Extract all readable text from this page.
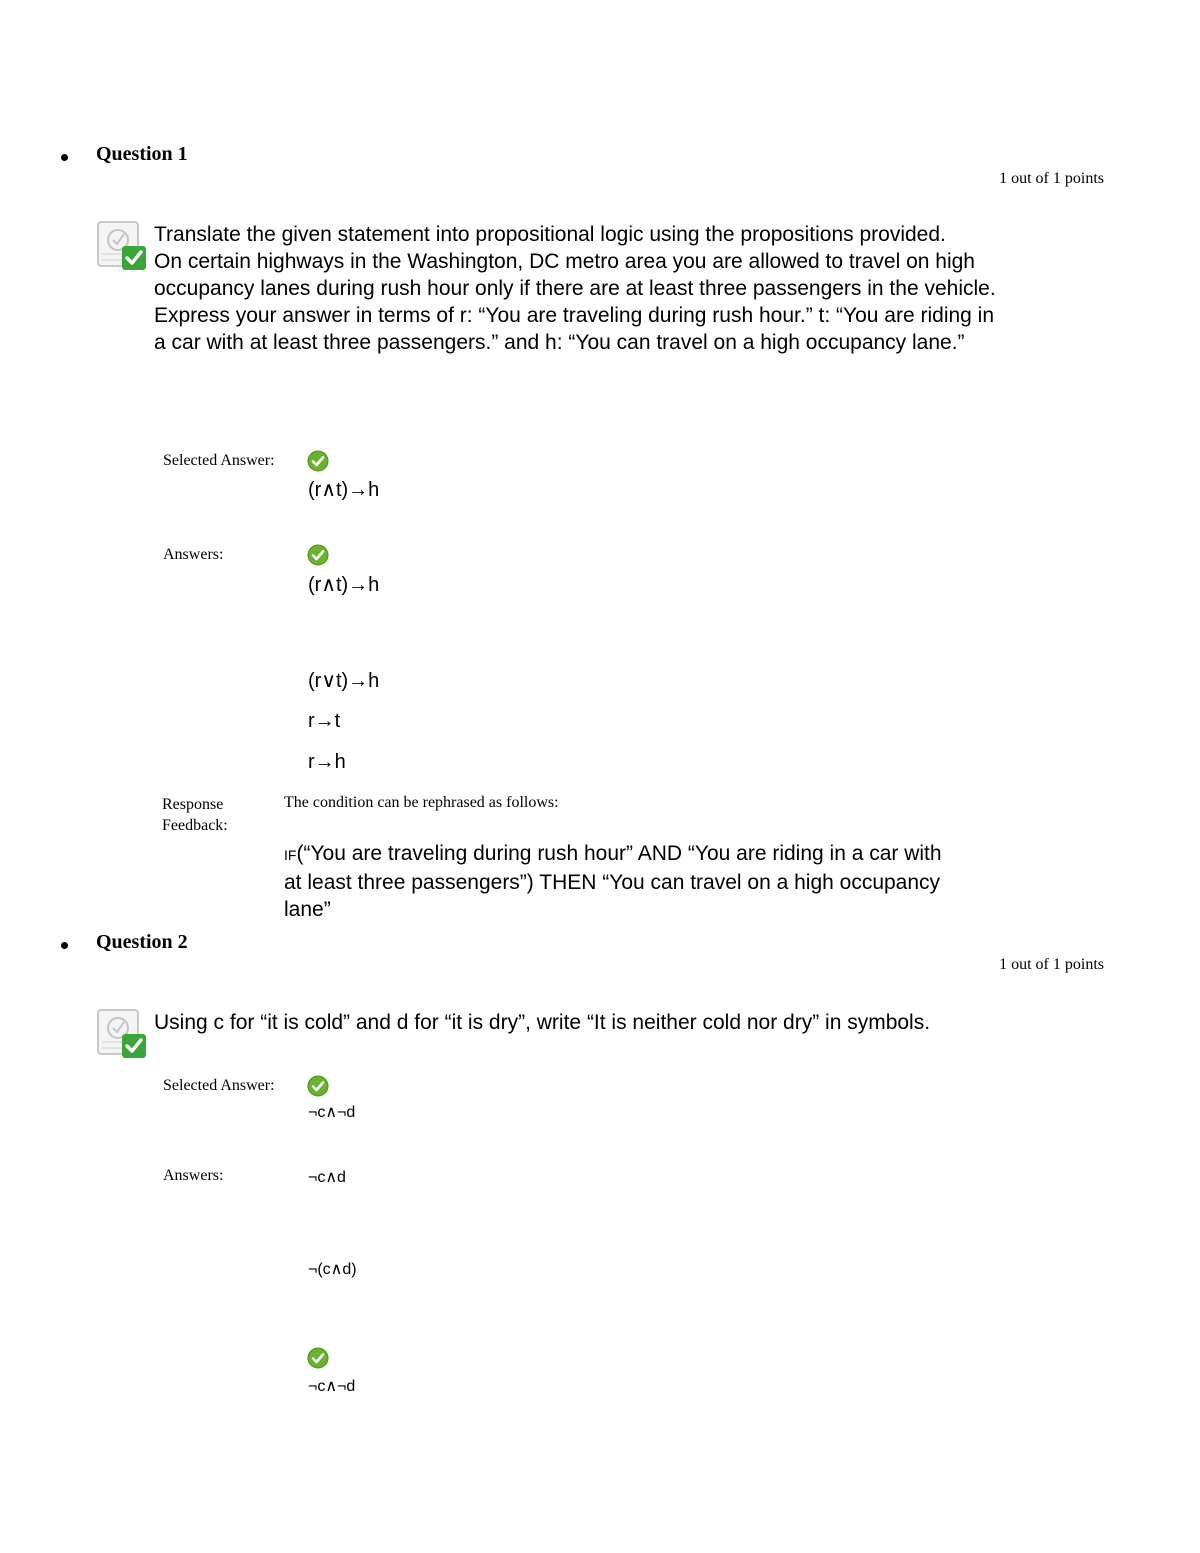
Question 1
1 out of 1 points
Translate the given statement into propositional logic using the propositions provided.
On certain highways in the Washington, DC metro area you are allowed to travel on high occupancy lanes during rush hour only if there are at least three passengers in the vehicle. Express your answer in terms of r: “You are traveling during rush hour.” t: “You are riding in a car with at least three passengers.” and h: “You can travel on a high occupancy lane.”
Selected Answer:
(r∧t)→h
Answers:
(r∧t)→h
(r∨t)→h
r→t
r→h
Response
Feedback:
The condition can be rephrased as follows:
IF(“You are traveling during rush hour” AND “You are riding in a car with at least three passengers”) THEN “You can travel on a high occupancy lane”
Question 2
1 out of 1 points
Using c for “it is cold” and d for “it is dry”, write “It is neither cold nor dry” in symbols.
Selected Answer:
¬c∧¬d
Answers:	¬c∧d
¬(c∧d)
¬c∧¬d
